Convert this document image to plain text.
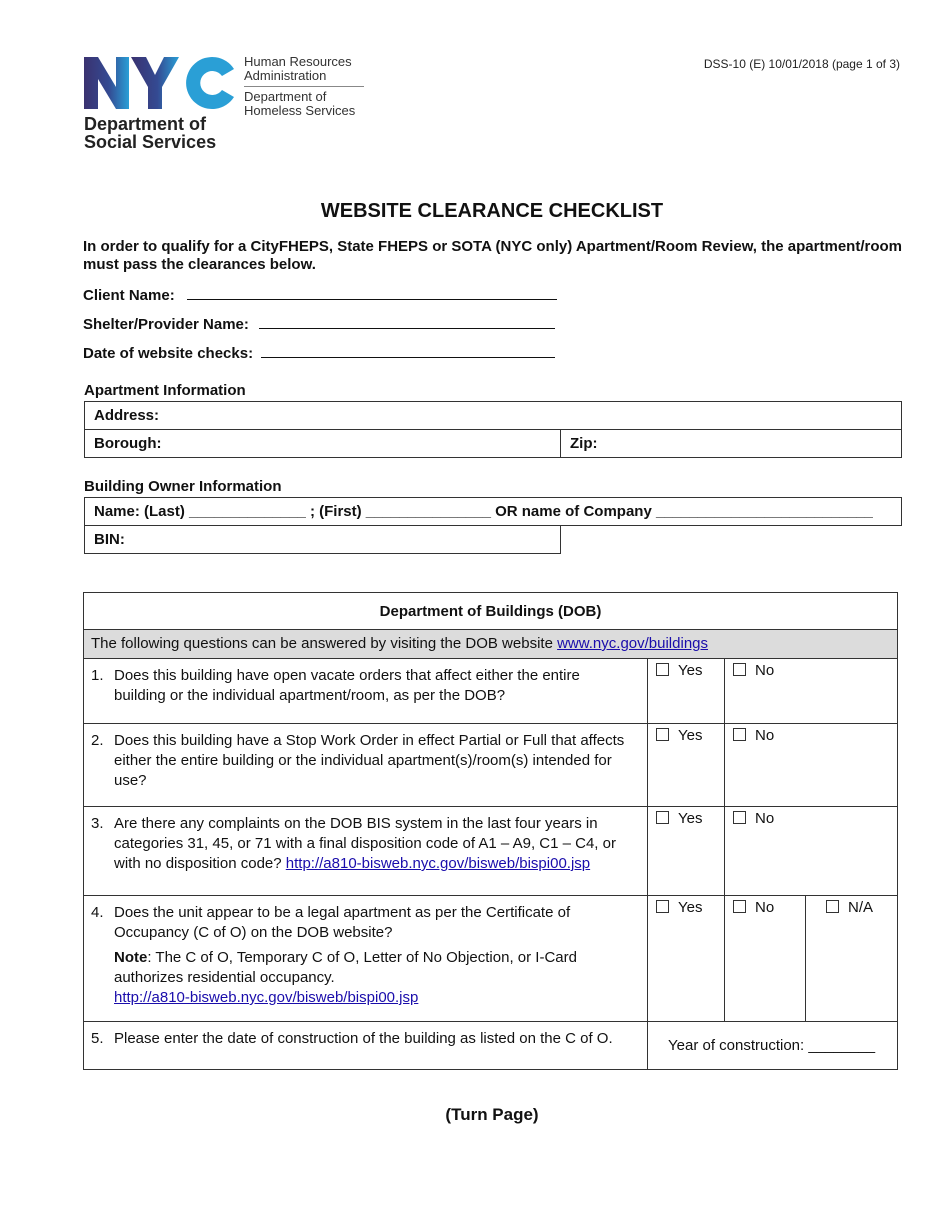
Human Resources
Administration
Department of
Homeless Services
Department of
Social Services
DSS-10 (E) 10/01/2018 (page 1 of 3)
WEBSITE CLEARANCE CHECKLIST
In order to qualify for a CityFHEPS, State FHEPS or SOTA (NYC only) Apartment/Room Review, the apartment/room must pass the clearances below.
Client Name:
Shelter/Provider Name:
Date of website checks:
Apartment Information
Address:
Borough:	Zip:
Building Owner Information
Name: (Last) ______________ ; (First) _______________ OR name of Company __________________________
BIN:	
Department of Buildings (DOB)			
The following questions can be answered by visiting the DOB website www.nyc.gov/buildings			
1. Does this building have open vacate orders that affect either the entire building or the individual apartment/room, as per the DOB?	Yes	No	
2. Does this building have a Stop Work Order in effect Partial or Full that affects either the entire building or the individual apartment(s)/room(s) intended for use?	Yes	No	
3. Are there any complaints on the DOB BIS system in the last four years in categories 31, 45, or 71 with a final disposition code of A1 – A9, C1 – C4, or with no disposition code? http://a810-bisweb.nyc.gov/bisweb/bispi00.jsp	Yes	No	
4. Does the unit appear to be a legal apartment as per the Certificate of Occupancy (C of O) on the DOB website?
Note: The C of O, Temporary C of O, Letter of No Objection, or I-Card authorizes residential occupancy.
http://a810-bisweb.nyc.gov/bisweb/bispi00.jsp	Yes	No	N/A
5. Please enter the date of construction of the building as listed on the C of O.	Year of construction: ________		
(Turn Page)
